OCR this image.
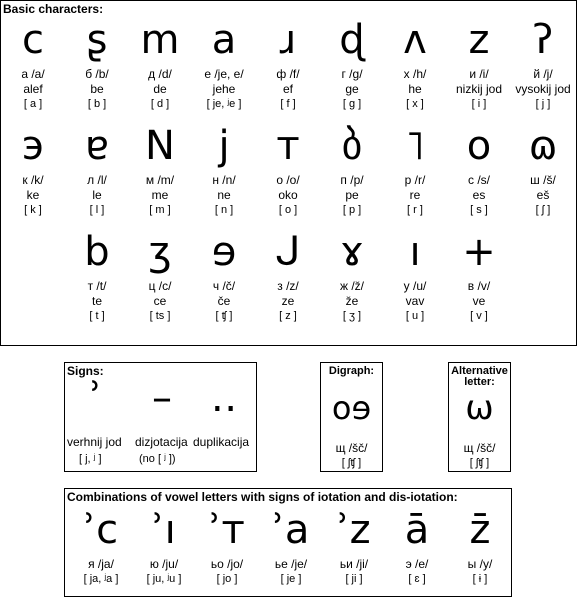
Basic characters:
c
а /a/
alef
[ a ]
ʂ
б /b/
be
[ b ]
m
д /d/
de
[ d ]
a
е /je, e/
jehe
[ je, ʲe ]
ɹ
ф /f/
ef
[ f ]
ɖ
г /g/
ge
[ g ]
ʌ
х /h/
he
[ x ]
z
и /i/
nizkij jod
[ i ]
ʔ
й /j/
vysokij jod
[ j ]
э
к /k/
ke
[ k ]
ɐ
л /l/
le
[ l ]
N
м /m/
me
[ m ]
j
н /n/
ne
[ n ]
т
о /o/
oko
[ o ]
ბ
п /p/
pe
[ p ]
˥
р /r/
re
[ r ]
o
с /s/
es
[ s ]
ɷ
ш /š/
eš
[ ʃ ]
b
т /t/
te
[ t ]
ʒ
ц /c/
ce
[ ts ]
ɘ
ч /č/
če
[ ʧ ]
ᒍ
з /z/
ze
[ z ]
ɤ
ж /ž/
že
[ ʒ ]
ı
у /u/
vav
[ u ]
+
в /v/
ve
[ v ]
Signs:
ʾ	– ‥
verhnij jod dizjotacija duplikacija
[ j, ʲ ]	(no [ ʲ ])
Digraph:
oɘ
щ /šč/
[ ʃʧ ]
Alternative
letter:
ω
щ /šč/
[ ʃʧ ]
Combinations of vowel letters with signs of iotation and dis-iotation:
ʾc
я /ja/
[ ja, ʲa ]
ʾı
ю /ju/
[ ju, ʲu ]
ʾт
ьо /jo/
[ jo ]
ʾa
ье /je/
[ je ]
ʾz
ьи /ji/
[ ji ]
ā
э /e/
[ ɛ ]
z̄
ы /y/
[ ɨ ]
